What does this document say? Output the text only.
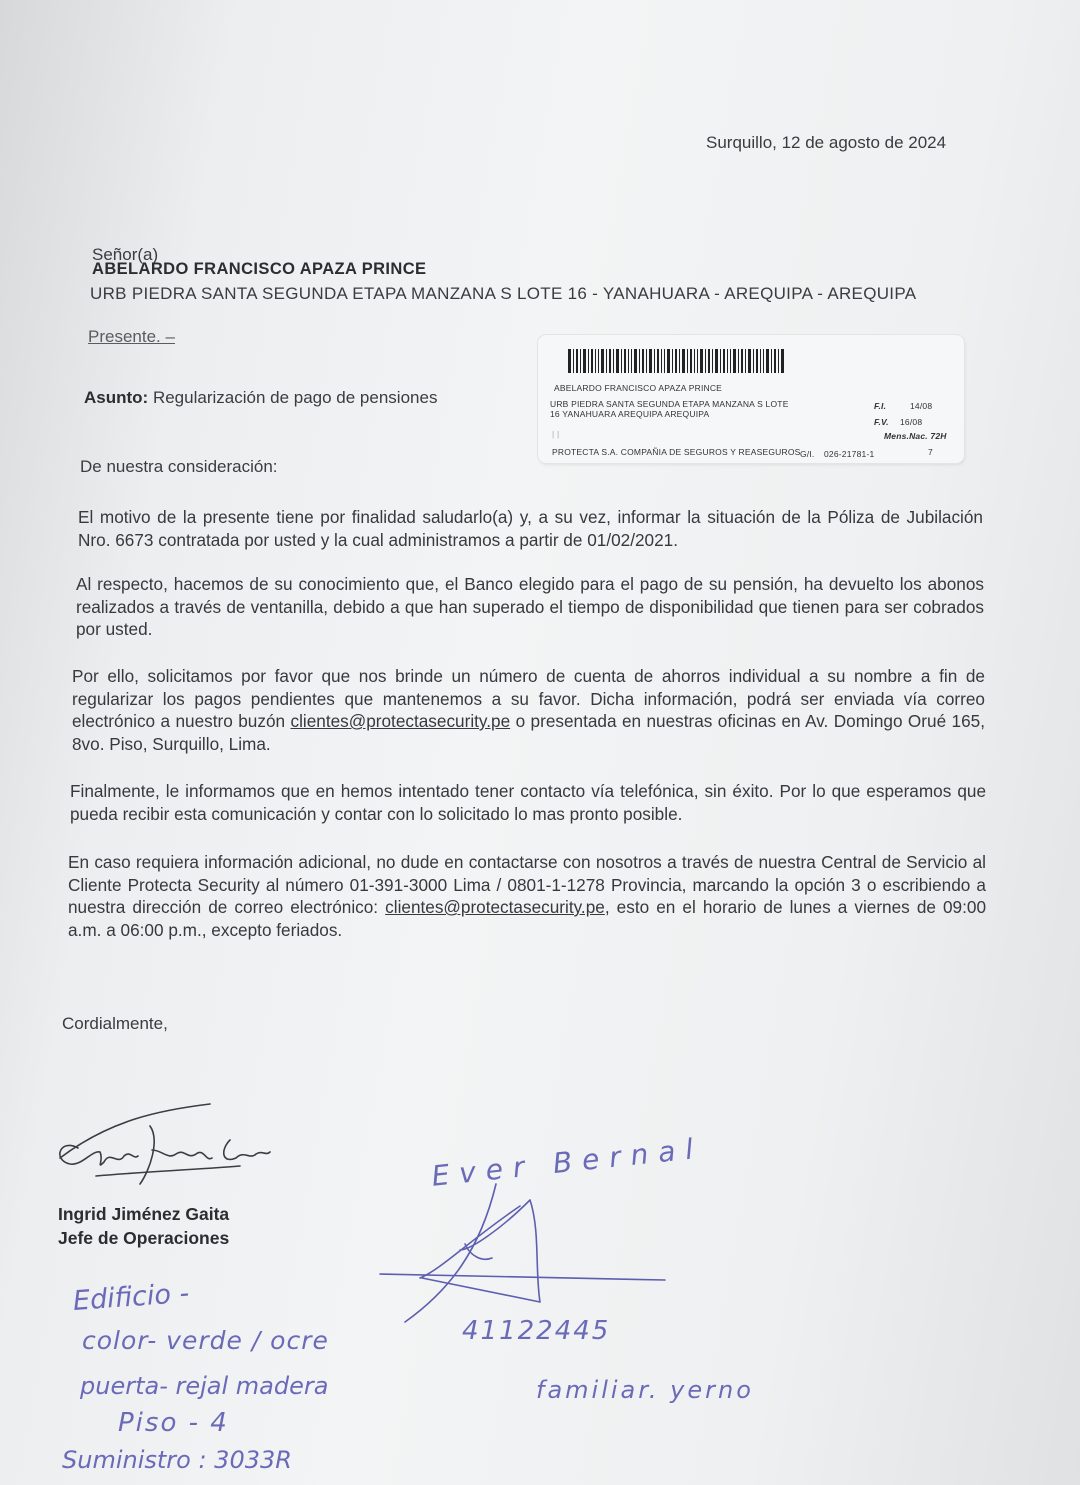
Surquillo, 12 de agosto de 2024
Señor(a)
ABELARDO FRANCISCO APAZA PRINCE
URB PIEDRA SANTA SEGUNDA ETAPA MANZANA S LOTE 16 - YANAHUARA - AREQUIPA - AREQUIPA
Presente. –
Asunto: Regularización de pago de pensiones	ABELARDO FRANCISCO APAZA PRINCE
URB PIEDRA SANTA SEGUNDA ETAPA MANZANA S LOTE
16 YANAHUARA AREQUIPA AREQUIPA
F.I.	14/08
F.V. 16/08
Mens.Nac. 72H
| |
PROTECTA S.A. COMPAÑIA DE SEGUROS Y REASEGUROS G/I. 026-21781-1	7
De nuestra consideración:
El motivo de la presente tiene por finalidad saludarlo(a) y, a su vez, informar la situación de la Póliza de Jubilación Nro. 6673 contratada por usted y la cual administramos a partir de 01/02/2021.
Al respecto, hacemos de su conocimiento que, el Banco elegido para el pago de su pensión, ha devuelto los abonos realizados a través de ventanilla, debido a que han superado el tiempo de disponibilidad que tienen para ser cobrados por usted.
Por ello, solicitamos por favor que nos brinde un número de cuenta de ahorros individual a su nombre a fin de regularizar los pagos pendientes que mantenemos a su favor. Dicha información, podrá ser enviada vía correo electrónico a nuestro buzón clientes@protectasecurity.pe o presentada en nuestras oficinas en Av. Domingo Orué 165, 8vo. Piso, Surquillo, Lima.
Finalmente, le informamos que en hemos intentado tener contacto vía telefónica, sin éxito. Por lo que esperamos que pueda recibir esta comunicación y contar con lo solicitado lo mas pronto posible.
En caso requiera información adicional, no dude en contactarse con nosotros a través de nuestra Central de Servicio al Cliente Protecta Security al número 01-391-3000 Lima / 0801-1-1278 Provincia, marcando la opción 3 o escribiendo a nuestra dirección de correo electrónico: clientes@protectasecurity.pe, esto en el horario de lunes a viernes de 09:00 a.m. a 06:00 p.m., excepto feriados.
Cordialmente,
Ingrid Jiménez Gaita
Jefe de Operaciones
Ever Bernal
41122445
familiar. yerno
Edificio -
color- verde / ocre
puerta- rejal madera
Piso - 4
Suministro : 3033R
